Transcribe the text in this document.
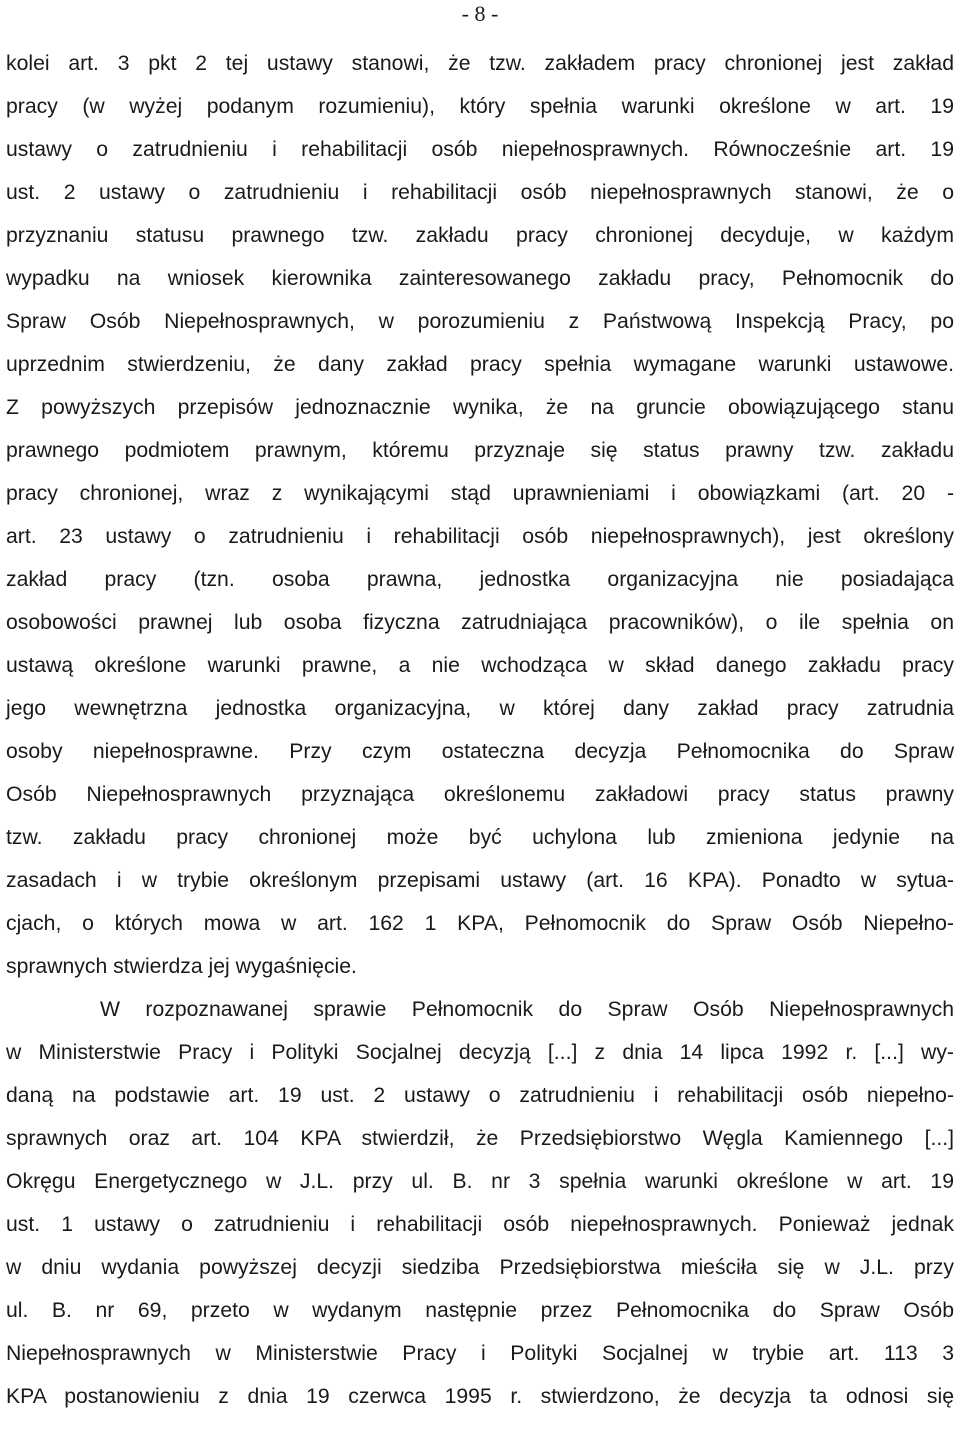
- 8 -
kolei art. 3 pkt 2 tej ustawy stanowi, że tzw. zakładem pracy chronionej jest zakład
pracy (w wyżej podanym rozumieniu), który spełnia warunki określone w art. 19
ustawy o zatrudnieniu i rehabilitacji osób niepełnosprawnych. Równocześnie art. 19
ust. 2 ustawy o zatrudnieniu i rehabilitacji osób niepełnosprawnych stanowi, że o
przyznaniu statusu prawnego tzw. zakładu pracy chronionej decyduje, w każdym
wypadku na wniosek kierownika zainteresowanego zakładu pracy, Pełnomocnik do
Spraw Osób Niepełnosprawnych, w porozumieniu z Państwową Inspekcją Pracy, po
uprzednim stwierdzeniu, że dany zakład pracy spełnia wymagane warunki ustawowe.
Z powyższych przepisów jednoznacznie wynika, że na gruncie obowiązującego stanu
prawnego podmiotem prawnym, któremu przyznaje się status prawny tzw. zakładu
pracy chronionej, wraz z wynikającymi stąd uprawnieniami i obowiązkami (art. 20 -
art. 23 ustawy o zatrudnieniu i rehabilitacji osób niepełnosprawnych), jest określony
zakład pracy (tzn. osoba prawna, jednostka organizacyjna nie posiadająca
osobowości prawnej lub osoba fizyczna zatrudniająca pracowników), o ile spełnia on
ustawą określone warunki prawne, a nie wchodząca w skład danego zakładu pracy
jego wewnętrzna jednostka organizacyjna, w której dany zakład pracy zatrudnia
osoby niepełnosprawne. Przy czym ostateczna decyzja Pełnomocnika do Spraw
Osób Niepełnosprawnych przyznająca określonemu zakładowi pracy status prawny
tzw. zakładu pracy chronionej może być uchylona lub zmieniona jedynie na
zasadach i w trybie określonym przepisami ustawy (art. 16 KPA). Ponadto w sytua-
cjach, o których mowa w art. 162 1 KPA, Pełnomocnik do Spraw Osób Niepełno-
sprawnych stwierdza jej wygaśnięcie.
W rozpoznawanej sprawie Pełnomocnik do Spraw Osób Niepełnosprawnych
w Ministerstwie Pracy i Polityki Socjalnej decyzją [...] z dnia 14 lipca 1992 r. [...] wy-
daną na podstawie art. 19 ust. 2 ustawy o zatrudnieniu i rehabilitacji osób niepełno-
sprawnych oraz art. 104 KPA stwierdził, że Przedsiębiorstwo Węgla Kamiennego [...]
Okręgu Energetycznego w J.L. przy ul. B. nr 3 spełnia warunki określone w art. 19
ust. 1 ustawy o zatrudnieniu i rehabilitacji osób niepełnosprawnych. Ponieważ jednak
w dniu wydania powyższej decyzji siedziba Przedsiębiorstwa mieściła się w J.L. przy
ul. B. nr 69, przeto w wydanym następnie przez Pełnomocnika do Spraw Osób
Niepełnosprawnych w Ministerstwie Pracy i Polityki Socjalnej w trybie art. 113 3
KPA postanowieniu z dnia 19 czerwca 1995 r. stwierdzono, że decyzja ta odnosi się
